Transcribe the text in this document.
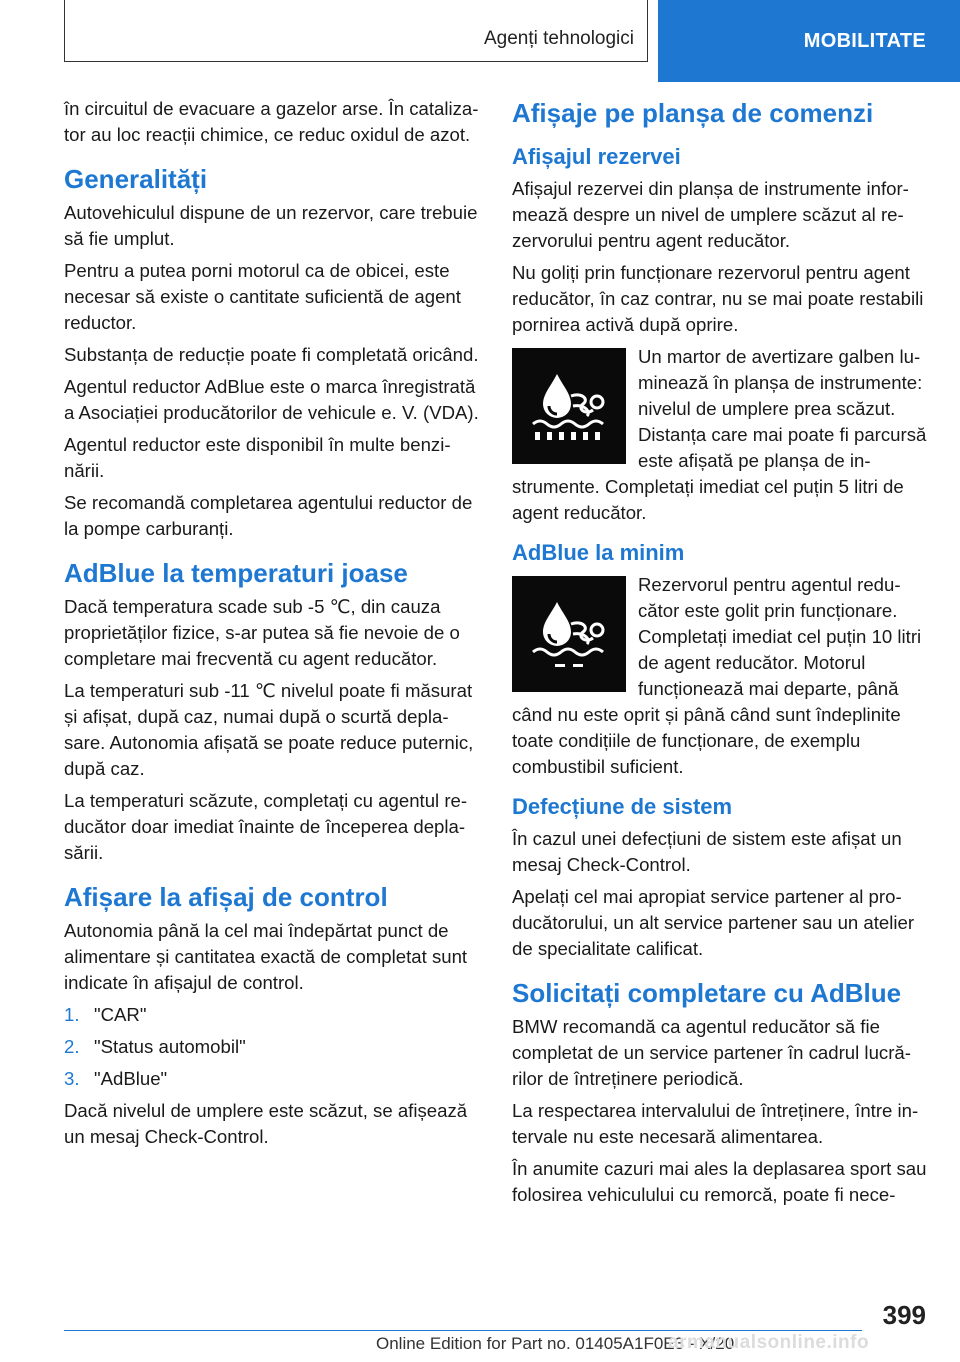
Agenți tehnologici	MOBILITATE

în circuitul de evacuare a gazelor arse. În catalizator au loc reacții chimice, ce reduc oxidul de azot.

Generalități

Autovehiculul dispune de un rezervor, care trebuie să fie umplut.

Pentru a putea porni motorul ca de obicei, este necesar să existe o cantitate suficientă de agent reductor.

Substanța de reducție poate fi completată oricând.

Agentul reductor AdBlue este o marca înregistrată a Asociației producătorilor de vehicule e. V. (VDA).

Agentul reductor este disponibil în multe benzinării.

Se recomandă completarea agentului reductor de la pompe carburanți.

AdBlue la temperaturi joase

Dacă temperatura scade sub -5 ℃, din cauza proprietăților fizice, s-ar putea să fie nevoie de o completare mai frecventă cu agent reducător.

La temperaturi sub -11 ℃ nivelul poate fi măsurat și afișat, după caz, numai după o scurtă deplasare. Autonomia afișată se poate reduce puternic, după caz.

La temperaturi scăzute, completați cu agentul reducător doar imediat înainte de începerea deplasării.

Afișare la afișaj de control

Autonomia până la cel mai îndepărtat punct de alimentare și cantitatea exactă de completat sunt indicate în afișajul de control.

1. "CAR"
2. "Status automobil"
3. "AdBlue"

Dacă nivelul de umplere este scăzut, se afișează un mesaj Check-Control.

Afișaje pe planșa de comenzi
Afișajul rezervei

Afișajul rezervei din planșa de instrumente informează despre un nivel de umplere scăzut al rezervorului pentru agent reducător.

Nu goliți prin funcționare rezervorul pentru agent reducător, în caz contrar, nu se mai poate restabili pornirea activă după oprire.

Un martor de avertizare galben luminează în planșa de instrumente: nivelul de umplere prea scăzut. Distanța care mai poate fi parcursă este afișată pe planșa de instrumente. Completați imediat cel puțin 5 litri de agent reducător.

AdBlue la minim

Rezervorul pentru agentul reducător este golit prin funcționare. Completați imediat cel puțin 10 litri de agent reducător. Motorul funcționează mai departe, până când nu este oprit și până când sunt îndeplinite toate condițiile de funcționare, de exemplu combustibil suficient.

Defecțiune de sistem

În cazul unei defecțiuni de sistem este afișat un mesaj Check-Control.

Apelați cel mai apropiat service partener al producătorului, un alt service partener sau un atelier de specialitate calificat.

Solicitați completare cu AdBlue

BMW recomandă ca agentul reducător să fie completat de un service partener în cadrul lucrărilor de întreținere periodică.

La respectarea intervalului de întreținere, între intervale nu este necesară alimentarea.

În anumite cazuri mai ales la deplasarea sport sau folosirea vehiculului cu remorcă, poate fi nece-

399
Online Edition for Part no. 01405A1F0E3 - X/20
armanualsonline.info
